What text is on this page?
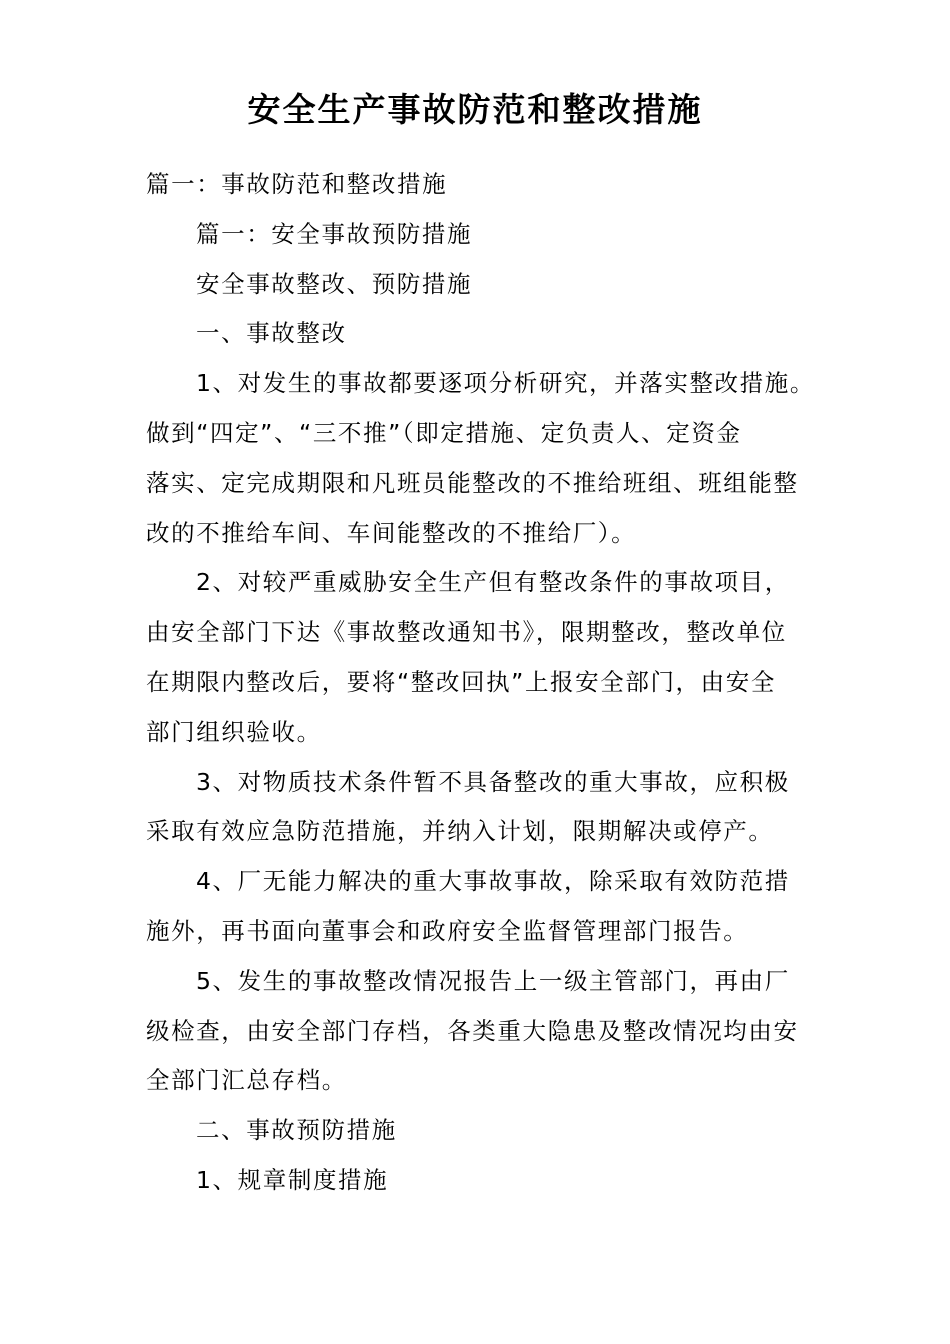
安全生产事故防范和整改措施

篇一：事故防范和整改措施

篇一：安全事故预防措施

安全事故整改、预防措施

一、事故整改

1、对发生的事故都要逐项分析研究，并落实整改措施。

做到“四定”、“三不推”（即定措施、定负责人、定资金

落实、定完成期限和凡班员能整改的不推给班组、班组能整

改的不推给车间、车间能整改的不推给厂）。

2、对较严重威胁安全生产但有整改条件的事故项目，

由安全部门下达《事故整改通知书》，限期整改，整改单位

在期限内整改后，要将“整改回执”上报安全部门，由安全

部门组织验收。

3、对物质技术条件暂不具备整改的重大事故，应积极

采取有效应急防范措施，并纳入计划，限期解决或停产。

4、厂无能力解决的重大事故事故，除采取有效防范措

施外，再书面向董事会和政府安全监督管理部门报告。

5、发生的事故整改情况报告上一级主管部门，再由厂

级检查，由安全部门存档，各类重大隐患及整改情况均由安

全部门汇总存档。

二、事故预防措施

1、规章制度措施
